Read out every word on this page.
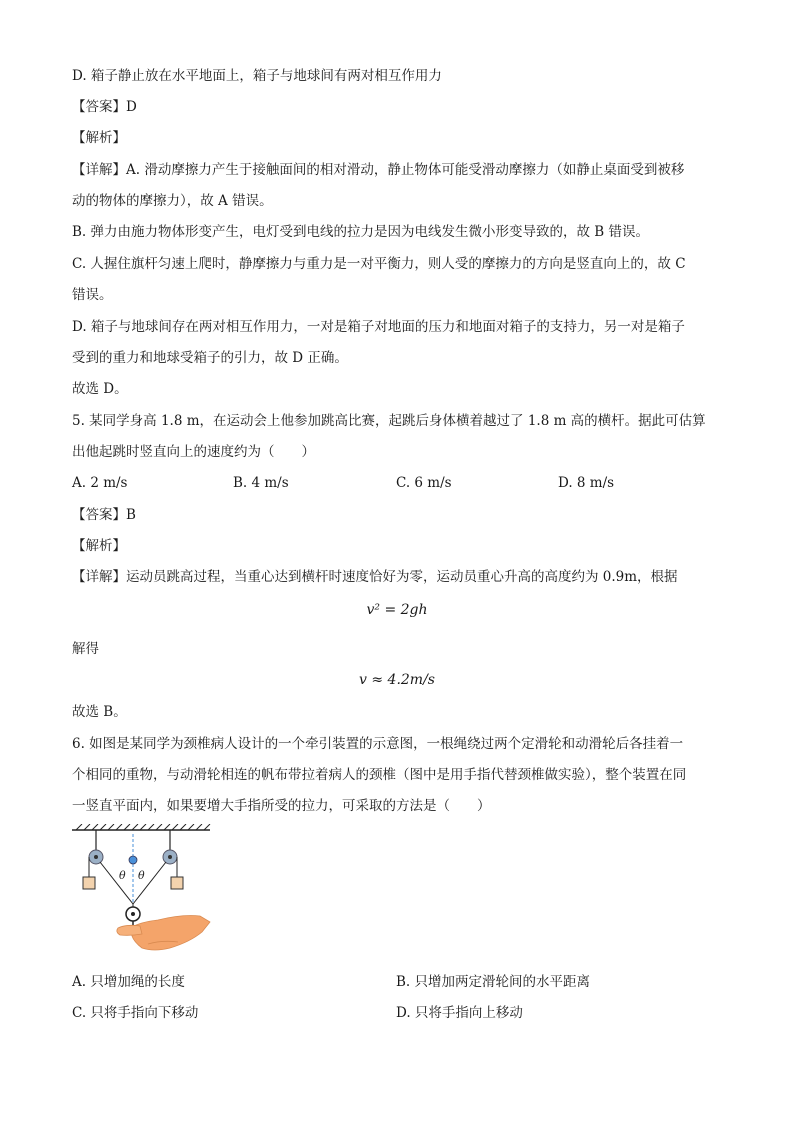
D. 箱子静止放在水平地面上，箱子与地球间有两对相互作用力
【答案】D
【解析】
【详解】A. 滑动摩擦力产生于接触面间的相对滑动，静止物体可能受滑动摩擦力（如静止桌面受到被移
动的物体的摩擦力），故 A 错误。
B. 弹力由施力物体形变产生，电灯受到电线的拉力是因为电线发生微小形变导致的，故 B 错误。
C. 人握住旗杆匀速上爬时，静摩擦力与重力是一对平衡力，则人受的摩擦力的方向是竖直向上的，故 C
错误。
D. 箱子与地球间存在两对相互作用力，一对是箱子对地面的压力和地面对箱子的支持力，另一对是箱子
受到的重力和地球受箱子的引力，故 D 正确。
故选 D。
5. 某同学身高 1.8 m，在运动会上他参加跳高比赛，起跳后身体横着越过了 1.8 m 高的横杆。据此可估算
出他起跳时竖直向上的速度约为（　　）
A. 2 m/s	B. 4 m/s	C. 6 m/s	D. 8 m/s
【答案】B
【解析】
【详解】运动员跳高过程，当重心达到横杆时速度恰好为零，运动员重心升高的高度约为 0.9m，根据
v² = 2gh
解得
v ≈ 4.2m/s
故选 B。
6. 如图是某同学为颈椎病人设计的一个牵引装置的示意图，一根绳绕过两个定滑轮和动滑轮后各挂着一
个相同的重物，与动滑轮相连的帆布带拉着病人的颈椎（图中是用手指代替颈椎做实验），整个装置在同
一竖直平面内，如果要增大手指所受的拉力，可采取的方法是（　　）
θ θ
A. 只增加绳的长度	B. 只增加两定滑轮间的水平距离
C. 只将手指向下移动	D. 只将手指向上移动
